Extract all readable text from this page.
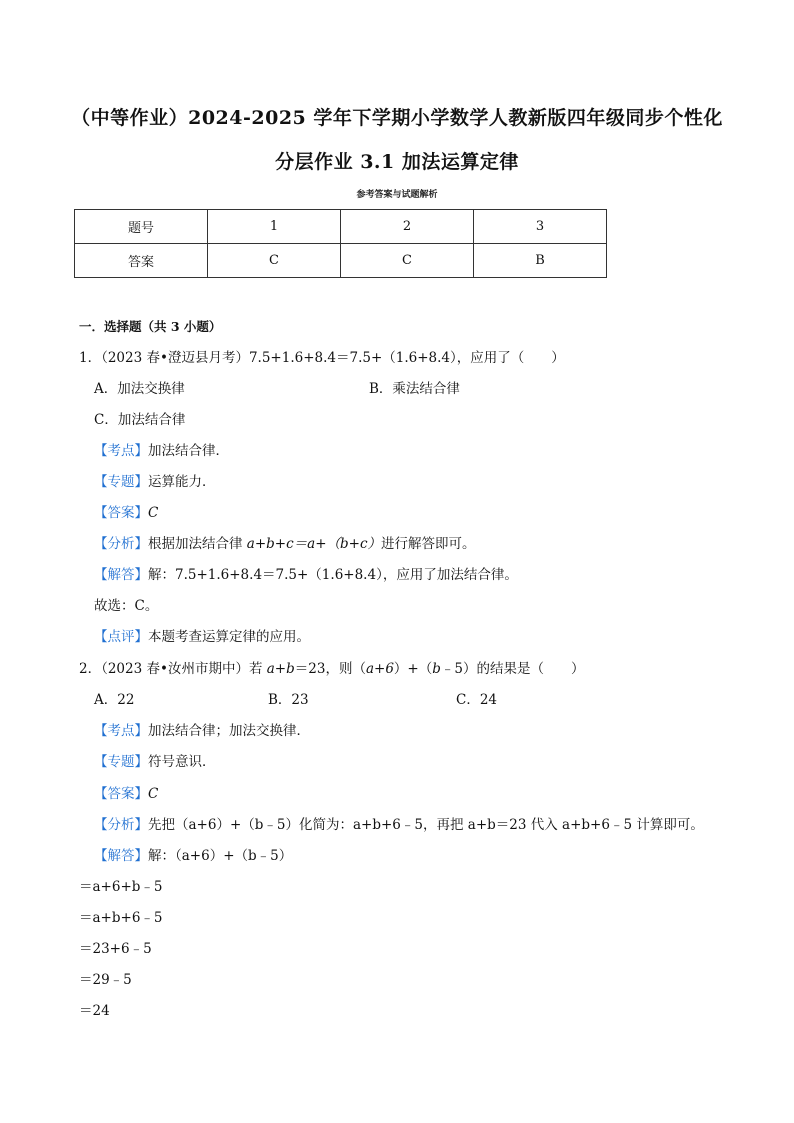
（中等作业）2024-2025 学年下学期小学数学人教新版四年级同步个性化
分层作业 3.1 加法运算定律
参考答案与试题解析
题号	1	2	3
答案	C	C	B
一．选择题（共 3 小题）
1．（2023 春•澄迈县月考）7.5+1.6+8.4＝7.5+（1.6+8.4），应用了（　　）
A．加法交换律	B．乘法结合律
C．加法结合律
【考点】加法结合律．
【专题】运算能力．
【答案】C
【分析】根据加法结合律 a+b+c＝a+（b+c）进行解答即可。
【解答】解：7.5+1.6+8.4＝7.5+（1.6+8.4），应用了加法结合律。
故选：C。
【点评】本题考查运算定律的应用。
2．（2023 春•汝州市期中）若 a+b＝23，则（a+6）+（b﹣5）的结果是（　　）
A．22	B．23	C．24
【考点】加法结合律；加法交换律．
【专题】符号意识．
【答案】C
【分析】先把（a+6）+（b﹣5）化简为：a+b+6﹣5，再把 a+b＝23 代入 a+b+6﹣5 计算即可。
【解答】解：（a+6）+（b﹣5）
＝a+6+b﹣5
＝a+b+6﹣5
＝23+6﹣5
＝29﹣5
＝24
